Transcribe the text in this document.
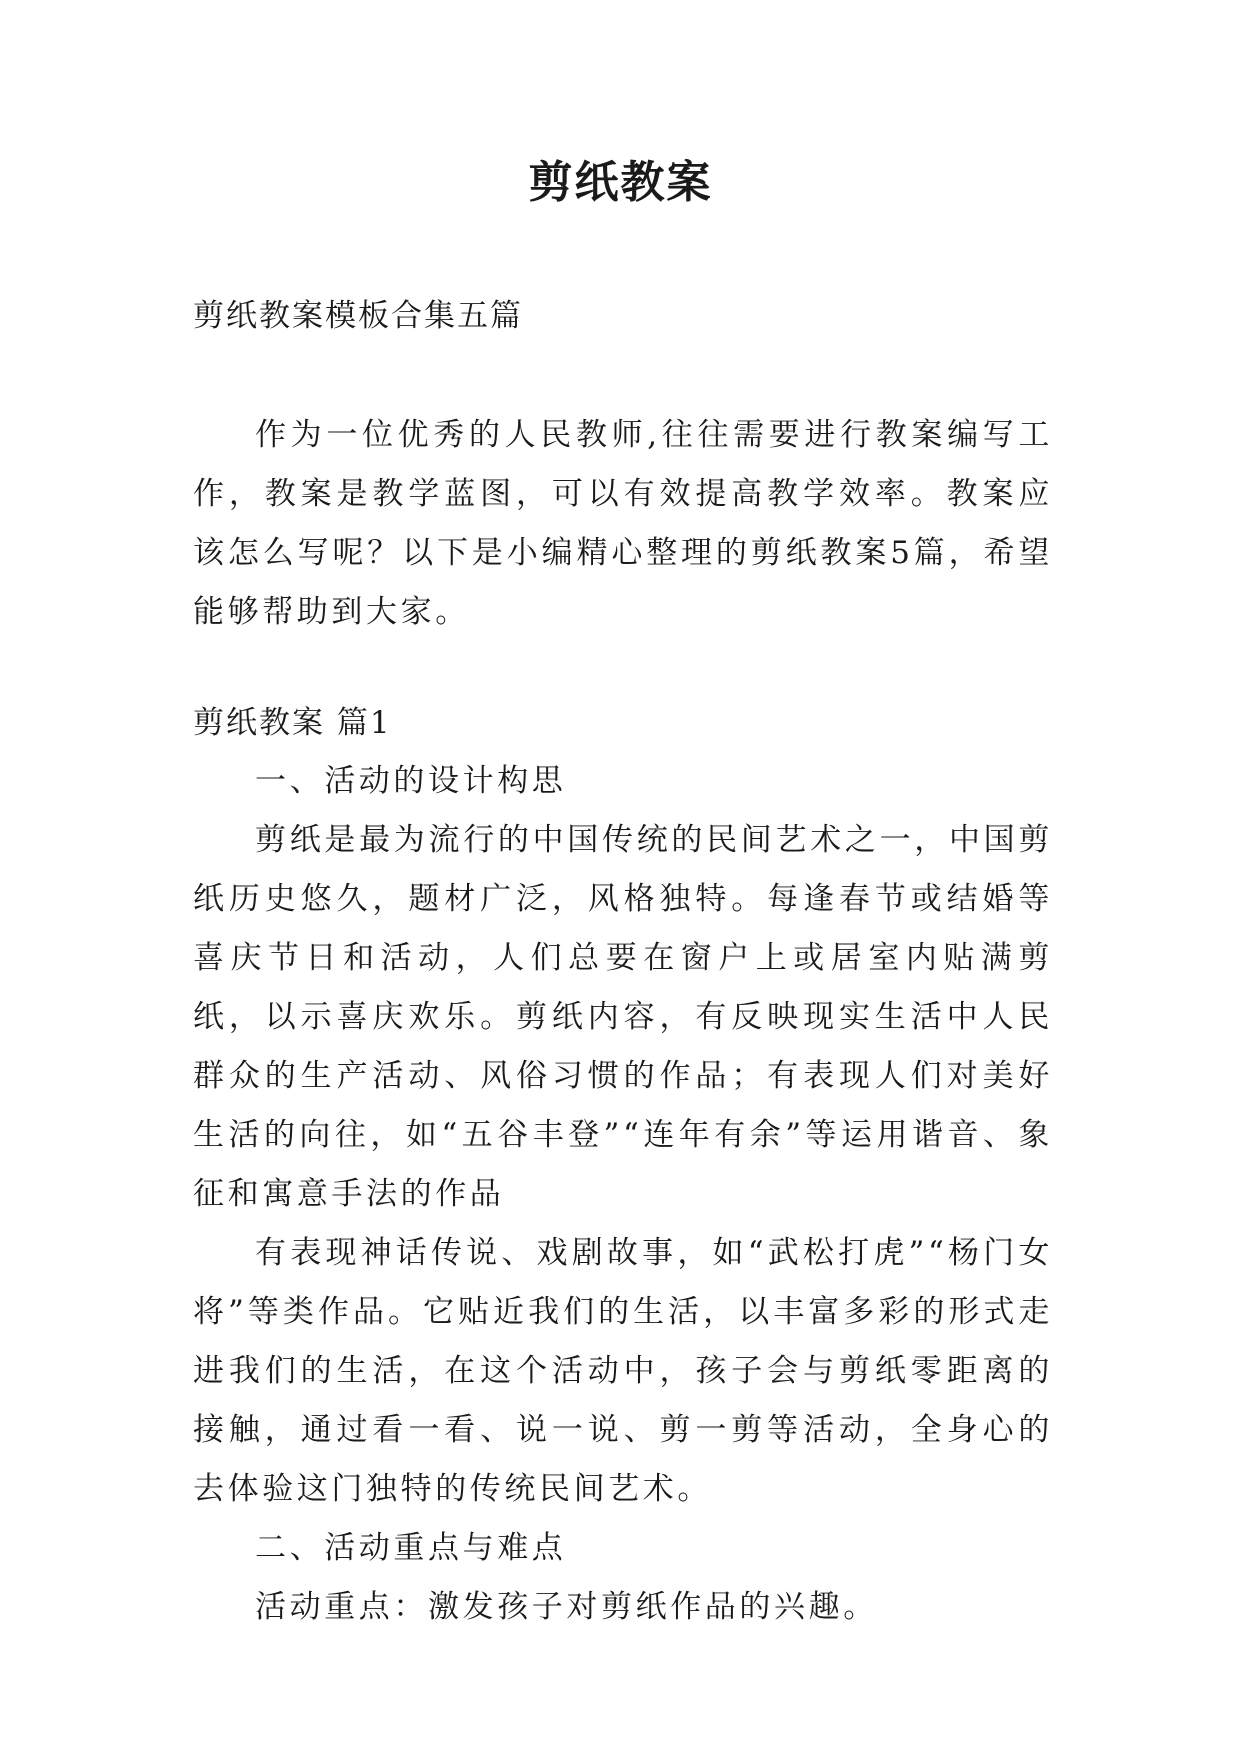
剪纸教案

剪纸教案模板合集五篇

作为一位优秀的人民教师,往往需要进行教案编写工作，教案是教学蓝图，可以有效提高教学效率。教案应该怎么写呢？以下是小编精心整理的剪纸教案5篇，希望能够帮助到大家。

剪纸教案 篇1

一、活动的设计构思

剪纸是最为流行的中国传统的民间艺术之一，中国剪纸历史悠久，题材广泛，风格独特。每逢春节或结婚等喜庆节日和活动，人们总要在窗户上或居室内贴满剪纸，以示喜庆欢乐。剪纸内容，有反映现实生活中人民群众的生产活动、风俗习惯的作品；有表现人们对美好生活的向往，如“五谷丰登”“连年有余”等运用谐音、象征和寓意手法的作品

有表现神话传说、戏剧故事，如“武松打虎”“杨门女将”等类作品。它贴近我们的生活，以丰富多彩的形式走进我们的生活，在这个活动中，孩子会与剪纸零距离的接触，通过看一看、说一说、剪一剪等活动，全身心的去体验这门独特的传统民间艺术。

二、活动重点与难点

活动重点：激发孩子对剪纸作品的兴趣。
